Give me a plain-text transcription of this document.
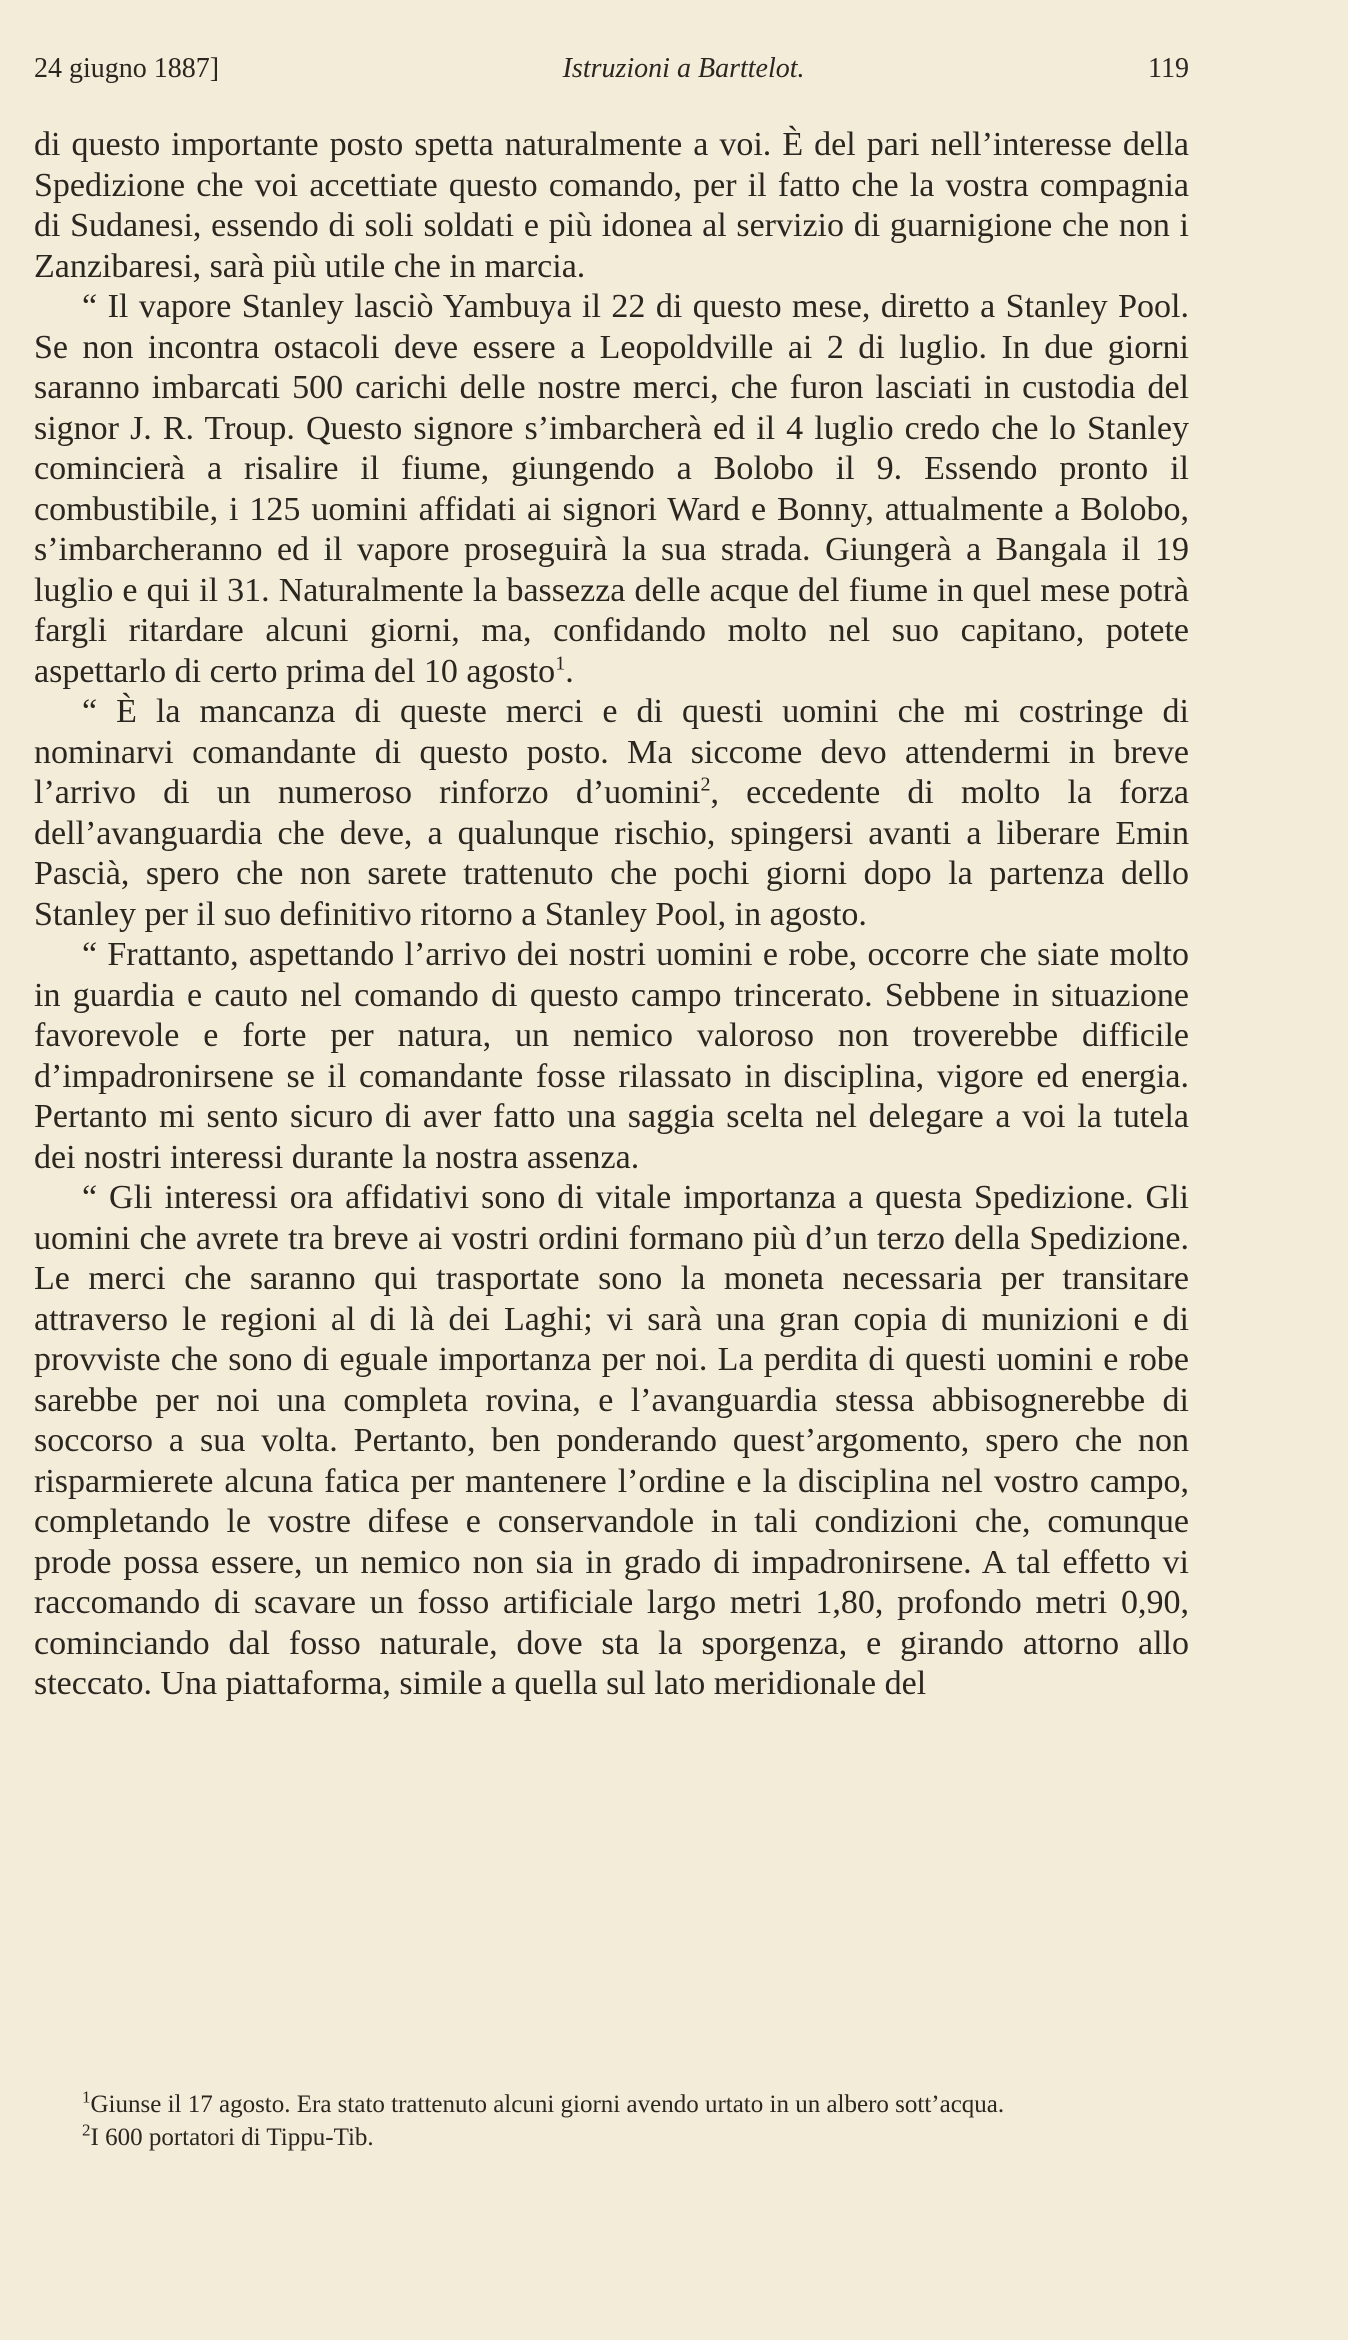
24 giugno 1887]	Istruzioni a Barttelot.	119

di questo importante posto spetta naturalmente a voi. È del pari nell’interesse della Spedizione che voi accettiate questo comando, per il fatto che la vostra compagnia di Sudanesi, essendo di soli soldati e più idonea al servizio di guarnigione che non i Zanzibaresi, sarà più utile che in marcia.

“ Il vapore Stanley lasciò Yambuya il 22 di questo mese, diretto a Stanley Pool. Se non incontra ostacoli deve essere a Leopoldville ai 2 di luglio. In due giorni saranno imbarcati 500 carichi delle nostre merci, che furon lasciati in custodia del signor J. R. Troup. Questo signore s’imbarcherà ed il 4 luglio credo che lo Stanley comincierà a risalire il fiume, giungendo a Bolobo il 9. Essendo pronto il combustibile, i 125 uomini affidati ai signori Ward e Bonny, attualmente a Bolobo, s’imbarcheranno ed il vapore proseguirà la sua strada. Giungerà a Bangala il 19 luglio e qui il 31. Naturalmente la bassezza delle acque del fiume in quel mese potrà fargli ritardare alcuni giorni, ma, confidando molto nel suo capitano, potete aspettarlo di certo prima del 10 agosto$^1$.

“ È la mancanza di queste merci e di questi uomini che mi costringe di nominarvi comandante di questo posto. Ma siccome devo attendermi in breve l’arrivo di un numeroso rinforzo d’uomini$^2$, eccedente di molto la forza dell’avanguardia che deve, a qualunque rischio, spingersi avanti a liberare Emin Pascià, spero che non sarete trattenuto che pochi giorni dopo la partenza dello Stanley per il suo definitivo ritorno a Stanley Pool, in agosto.

“ Frattanto, aspettando l’arrivo dei nostri uomini e robe, occorre che siate molto in guardia e cauto nel comando di questo campo trincerato. Sebbene in situazione favorevole e forte per natura, un nemico valoroso non troverebbe difficile d’impadronirsene se il comandante fosse rilassato in disciplina, vigore ed energia. Pertanto mi sento sicuro di aver fatto una saggia scelta nel delegare a voi la tutela dei nostri interessi durante la nostra assenza.

“ Gli interessi ora affidativi sono di vitale importanza a questa Spedizione. Gli uomini che avrete tra breve ai vostri ordini formano più d’un terzo della Spedizione. Le merci che saranno qui trasportate sono la moneta necessaria per transitare attraverso le regioni al di là dei Laghi; vi sarà una gran copia di munizioni e di provviste che sono di eguale importanza per noi. La perdita di questi uomini e robe sarebbe per noi una completa rovina, e l’avanguardia stessa abbisognerebbe di soccorso a sua volta. Pertanto, ben ponderando quest’argomento, spero che non risparmierete alcuna fatica per mantenere l’ordine e la disciplina nel vostro campo, completando le vostre difese e conservandole in tali condizioni che, comunque prode possa essere, un nemico non sia in grado di impadronirsene. A tal effetto vi raccomando di scavare un fosso artificiale largo metri 1,80, profondo metri 0,90, cominciando dal fosso naturale, dove sta la sporgenza, e girando attorno allo steccato. Una piattaforma, simile a quella sul lato meridionale del

$^1$Giunse il 17 agosto. Era stato trattenuto alcuni giorni avendo urtato in un albero sott’acqua.

$^2$I 600 portatori di Tippu-Tib.
